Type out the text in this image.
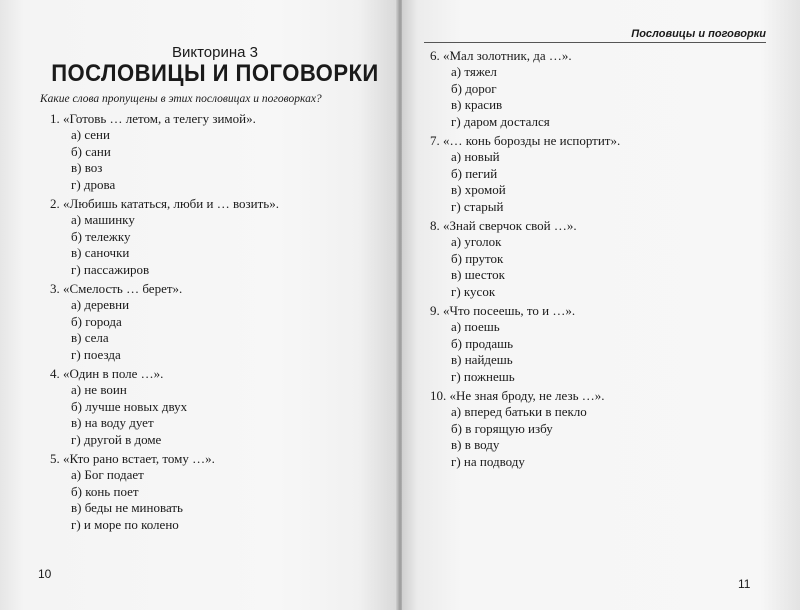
Викторина 3
ПОСЛОВИЦЫ И ПОГОВОРКИ
Какие слова пропущены в этих пословицах и поговорках?
1. «Готовь … летом, а телегу зимой».
а) сени
б) сани
в) воз
г) дрова
2. «Любишь кататься, люби и … возить».
а) машинку
б) тележку
в) саночки
г) пассажиров
3. «Смелость … берет».
а) деревни
б) города
в) села
г) поезда
4. «Один в поле …».
а) не воин
б) лучше новых двух
в) на воду дует
г) другой в доме
5. «Кто рано встает, тому …».
а) Бог подает
б) конь поет
в) беды не миновать
г) и море по колено
10
Пословицы и поговорки
6. «Мал золотник, да …».
а) тяжел
б) дорог
в) красив
г) даром достался
7. «… конь борозды не испортит».
а) новый
б) пегий
в) хромой
г) старый
8. «Знай сверчок свой …».
а) уголок
б) пруток
в) шесток
г) кусок
9. «Что посеешь, то и …».
а) поешь
б) продашь
в) найдешь
г) пожнешь
10. «Не зная броду, не лезь …».
а) вперед батьки в пекло
б) в горящую избу
в) в воду
г) на подводу
11
